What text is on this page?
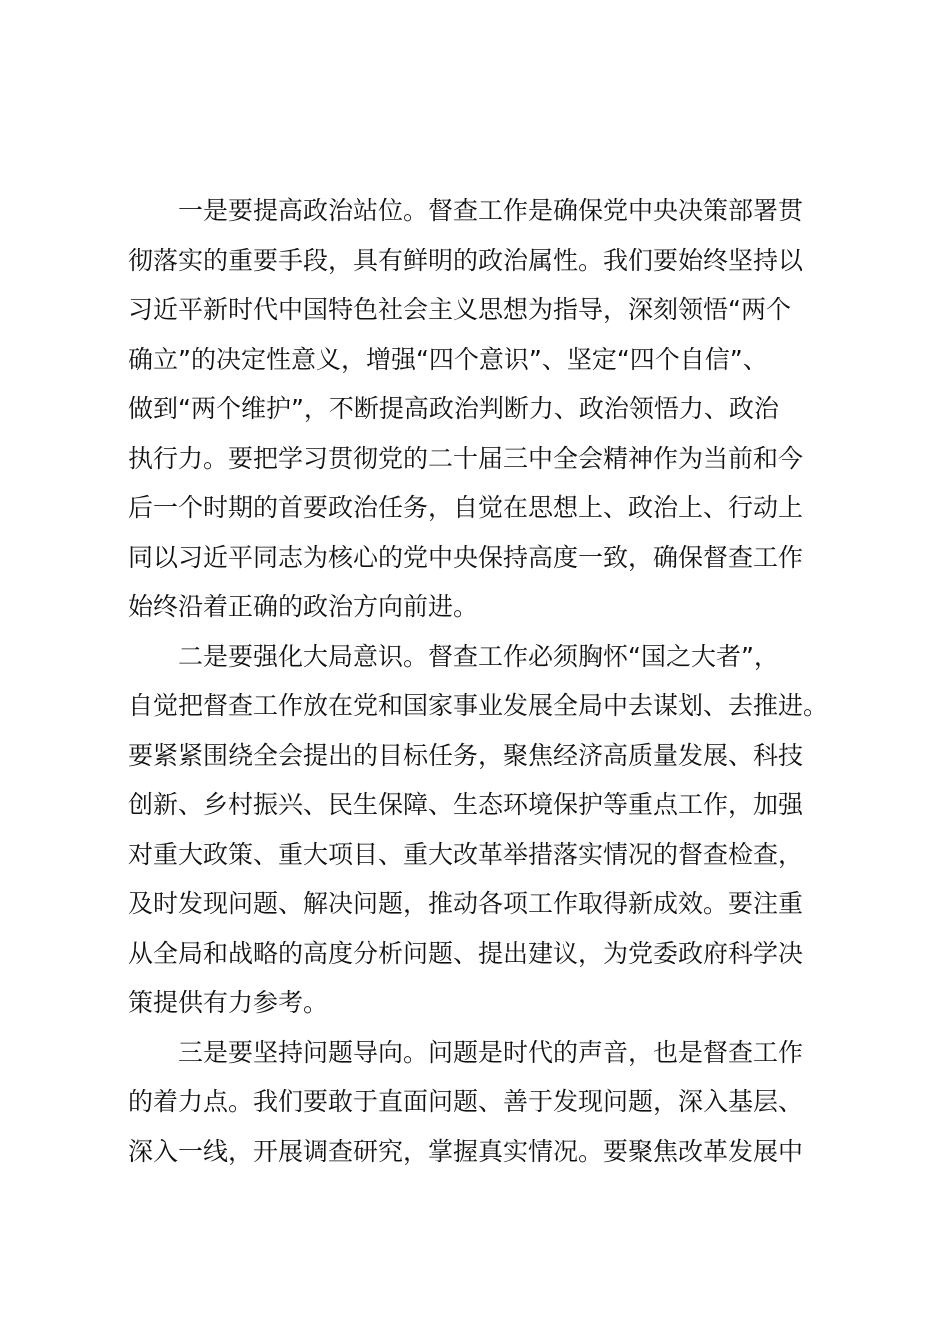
一是要提高政治站位。督查工作是确保党中央决策部署贯
彻落实的重要手段，具有鲜明的政治属性。我们要始终坚持以
习近平新时代中国特色社会主义思想为指导，深刻领悟“两个
确立”的决定性意义，增强“四个意识”、坚定“四个自信”、
做到“两个维护”，不断提高政治判断力、政治领悟力、政治
执行力。要把学习贯彻党的二十届三中全会精神作为当前和今
后一个时期的首要政治任务，自觉在思想上、政治上、行动上
同以习近平同志为核心的党中央保持高度一致，确保督查工作
始终沿着正确的政治方向前进。
二是要强化大局意识。督查工作必须胸怀“国之大者”，
自觉把督查工作放在党和国家事业发展全局中去谋划、去推进。
要紧紧围绕全会提出的目标任务，聚焦经济高质量发展、科技
创新、乡村振兴、民生保障、生态环境保护等重点工作，加强
对重大政策、重大项目、重大改革举措落实情况的督查检查，
及时发现问题、解决问题，推动各项工作取得新成效。要注重
从全局和战略的高度分析问题、提出建议，为党委政府科学决
策提供有力参考。
三是要坚持问题导向。问题是时代的声音，也是督查工作
的着力点。我们要敢于直面问题、善于发现问题，深入基层、
深入一线，开展调查研究，掌握真实情况。要聚焦改革发展中
